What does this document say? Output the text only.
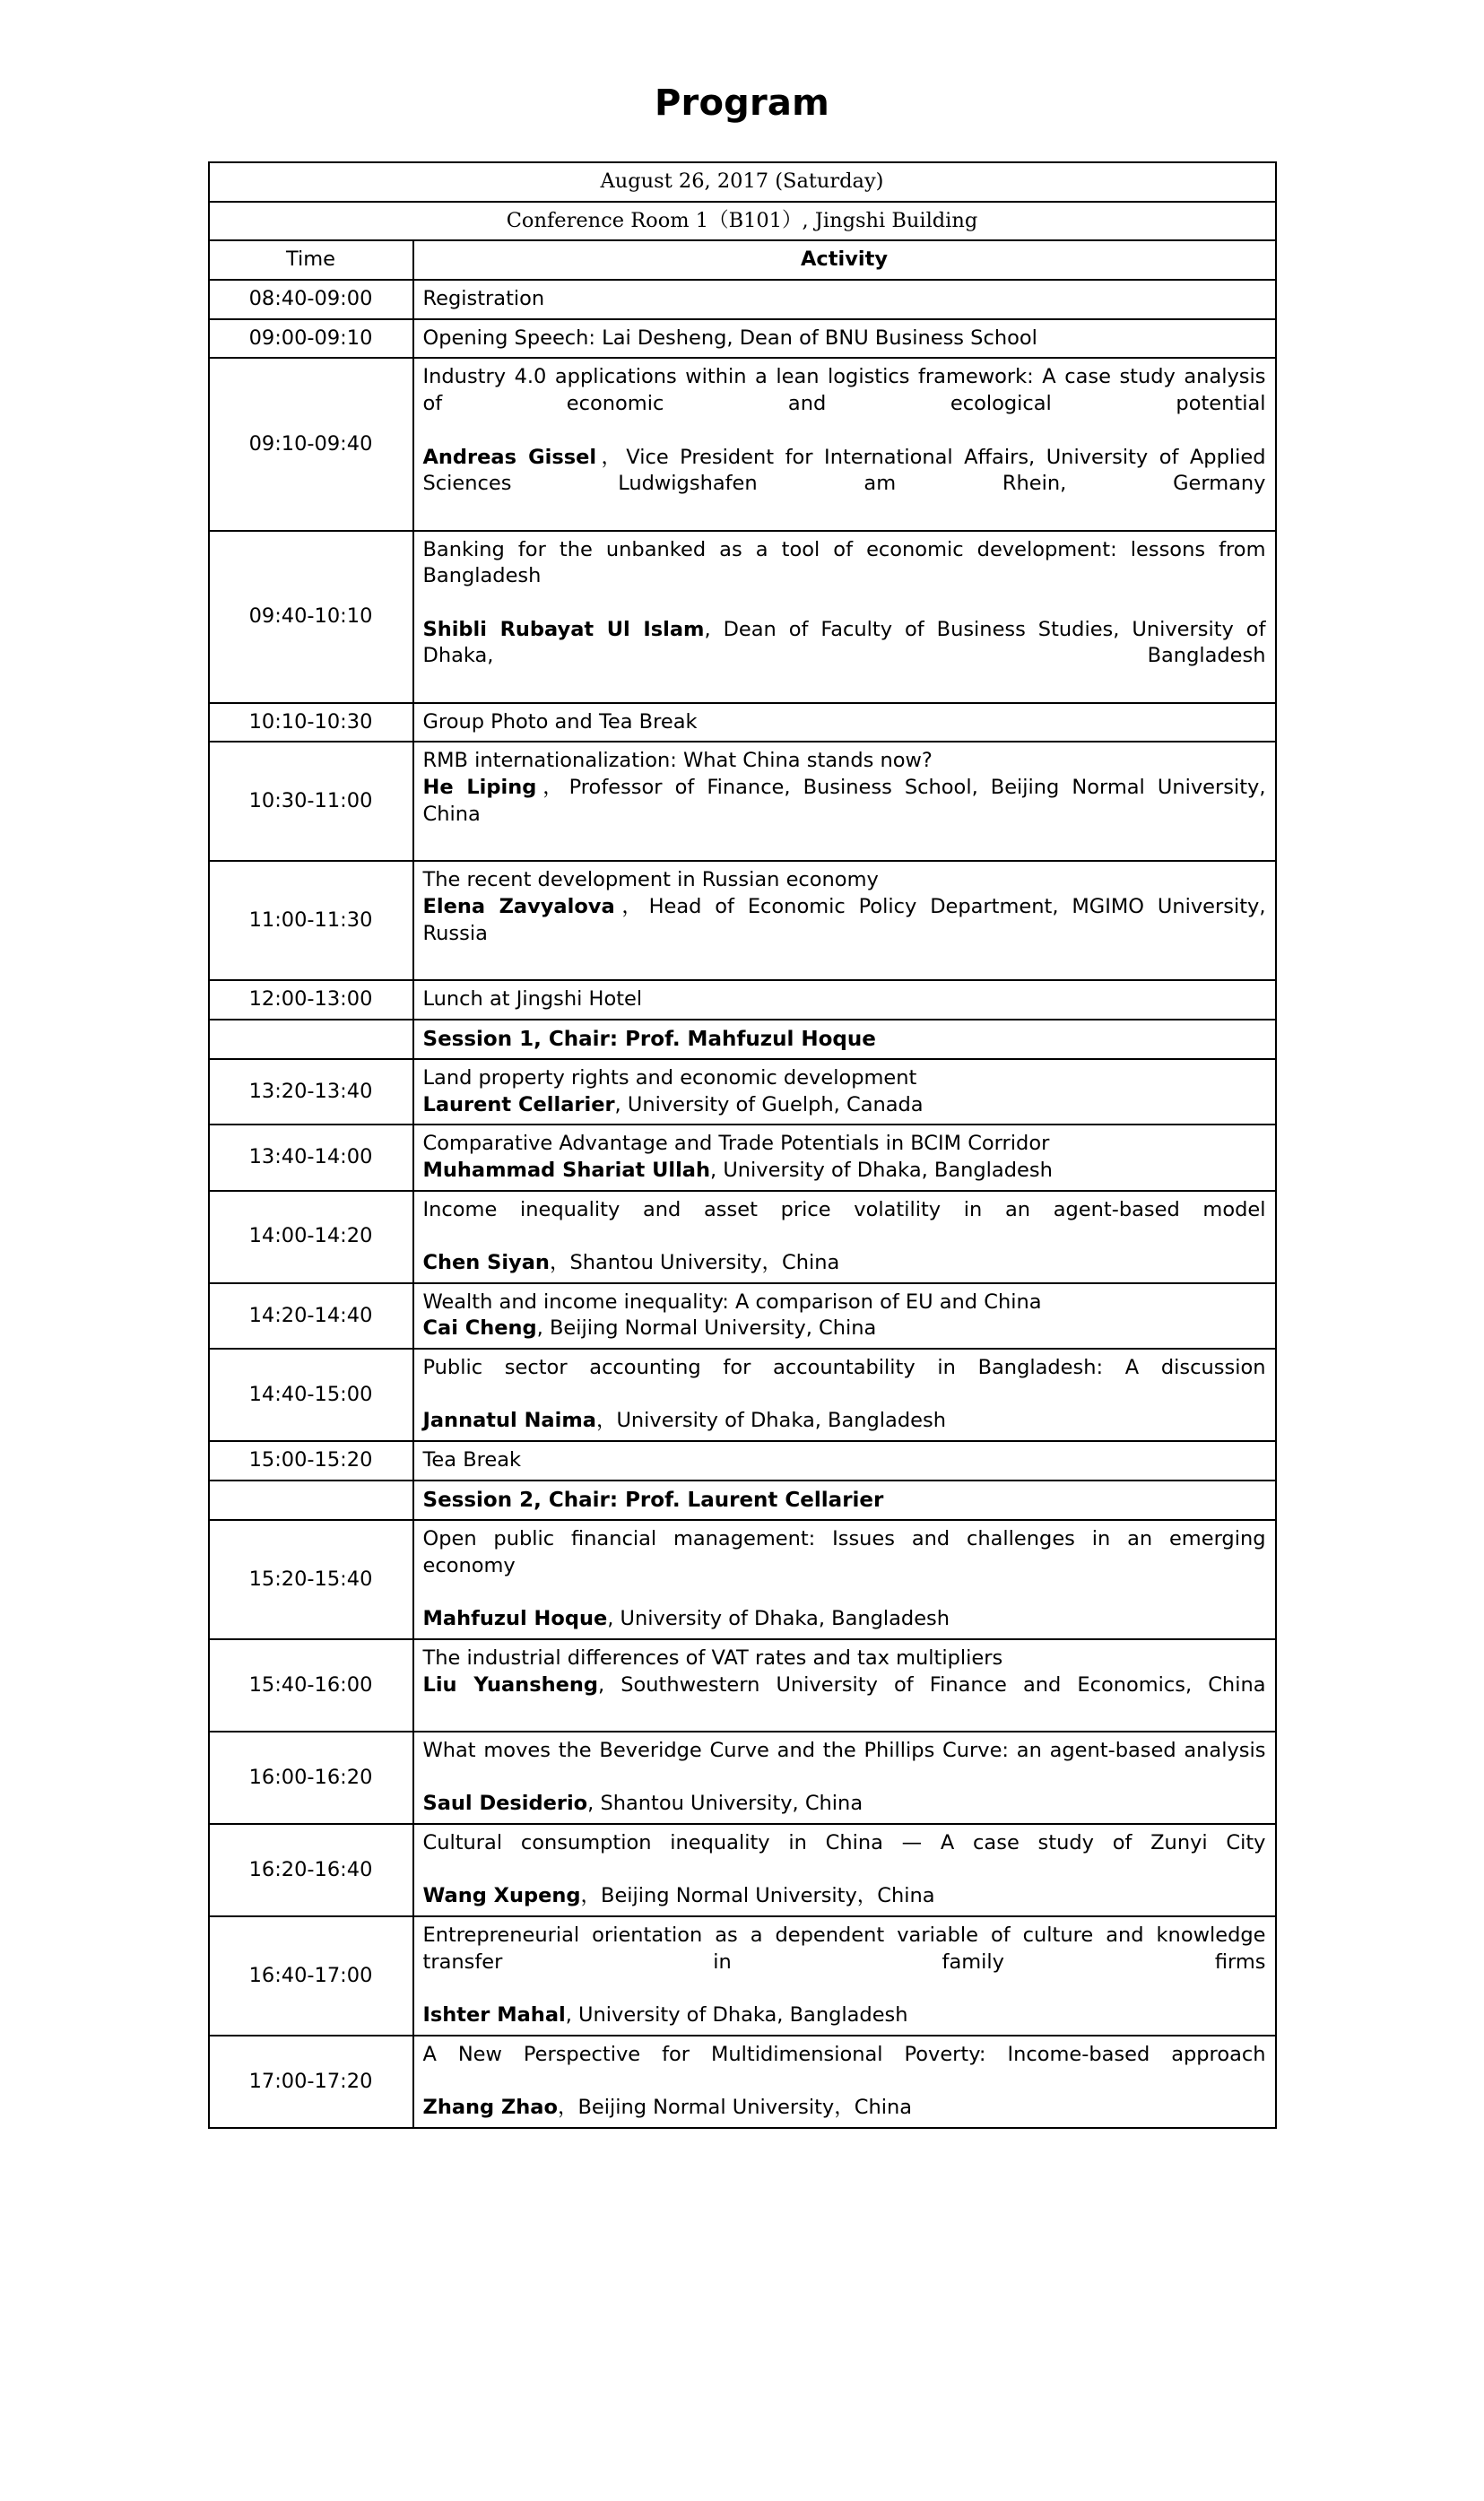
Program
August 26, 2017 (Saturday)	
Conference Room 1（B101）, Jingshi Building	
Time	Activity
08:40-09:00	Registration

09:00-09:10	Opening Speech: Lai Desheng, Dean of BNU Business School

09:10-09:40	Industry 4.0 applications within a lean logistics framework: A case study analysis of economic and ecological potential
Andreas Gissel，Vice President for International Affairs, University of Applied Sciences Ludwigshafen am Rhein, Germany

09:40-10:10	Banking for the unbanked as a tool of economic development: lessons from Bangladesh
Shibli Rubayat Ul Islam, Dean of Faculty of Business Studies, University of Dhaka, Bangladesh

10:10-10:30	Group Photo and Tea Break

10:30-11:00	RMB internationalization: What China stands now?
He Liping，Professor of Finance, Business School, Beijing Normal University, China

11:00-11:30	The recent development in Russian economy
Elena Zavyalova，Head of Economic Policy Department, MGIMO University, Russia

12:00-13:00	Lunch at Jingshi Hotel

	Session 1, Chair: Prof. Mahfuzul Hoque

13:20-13:40	Land property rights and economic development
Laurent Cellarier, University of Guelph, Canada

13:40-14:00	Comparative Advantage and Trade Potentials in BCIM Corridor
Muhammad Shariat Ullah, University of Dhaka, Bangladesh

14:00-14:20	Income inequality and asset price volatility in an agent-based model
Chen Siyan，Shantou University，China

14:20-14:40	Wealth and income inequality: A comparison of EU and China
Cai Cheng, Beijing Normal University, China

14:40-15:00	Public sector accounting for accountability in Bangladesh: A discussion
Jannatul Naima，University of Dhaka, Bangladesh

15:00-15:20	Tea Break

	Session 2, Chair: Prof. Laurent Cellarier

15:20-15:40	Open public financial management: Issues and challenges in an emerging economy
Mahfuzul Hoque, University of Dhaka, Bangladesh

15:40-16:00	The industrial differences of VAT rates and tax multipliers
Liu Yuansheng, Southwestern University of Finance and Economics, China

16:00-16:20	What moves the Beveridge Curve and the Phillips Curve: an agent-based analysis
Saul Desiderio, Shantou University, China

16:20-16:40	Cultural consumption inequality in China — A case study of Zunyi City
Wang Xupeng，Beijing Normal University，China

16:40-17:00	Entrepreneurial orientation as a dependent variable of culture and knowledge transfer in family firms
Ishter Mahal, University of Dhaka, Bangladesh

17:00-17:20	A New Perspective for Multidimensional Poverty: Income-based approach
Zhang Zhao，Beijing Normal University，China
